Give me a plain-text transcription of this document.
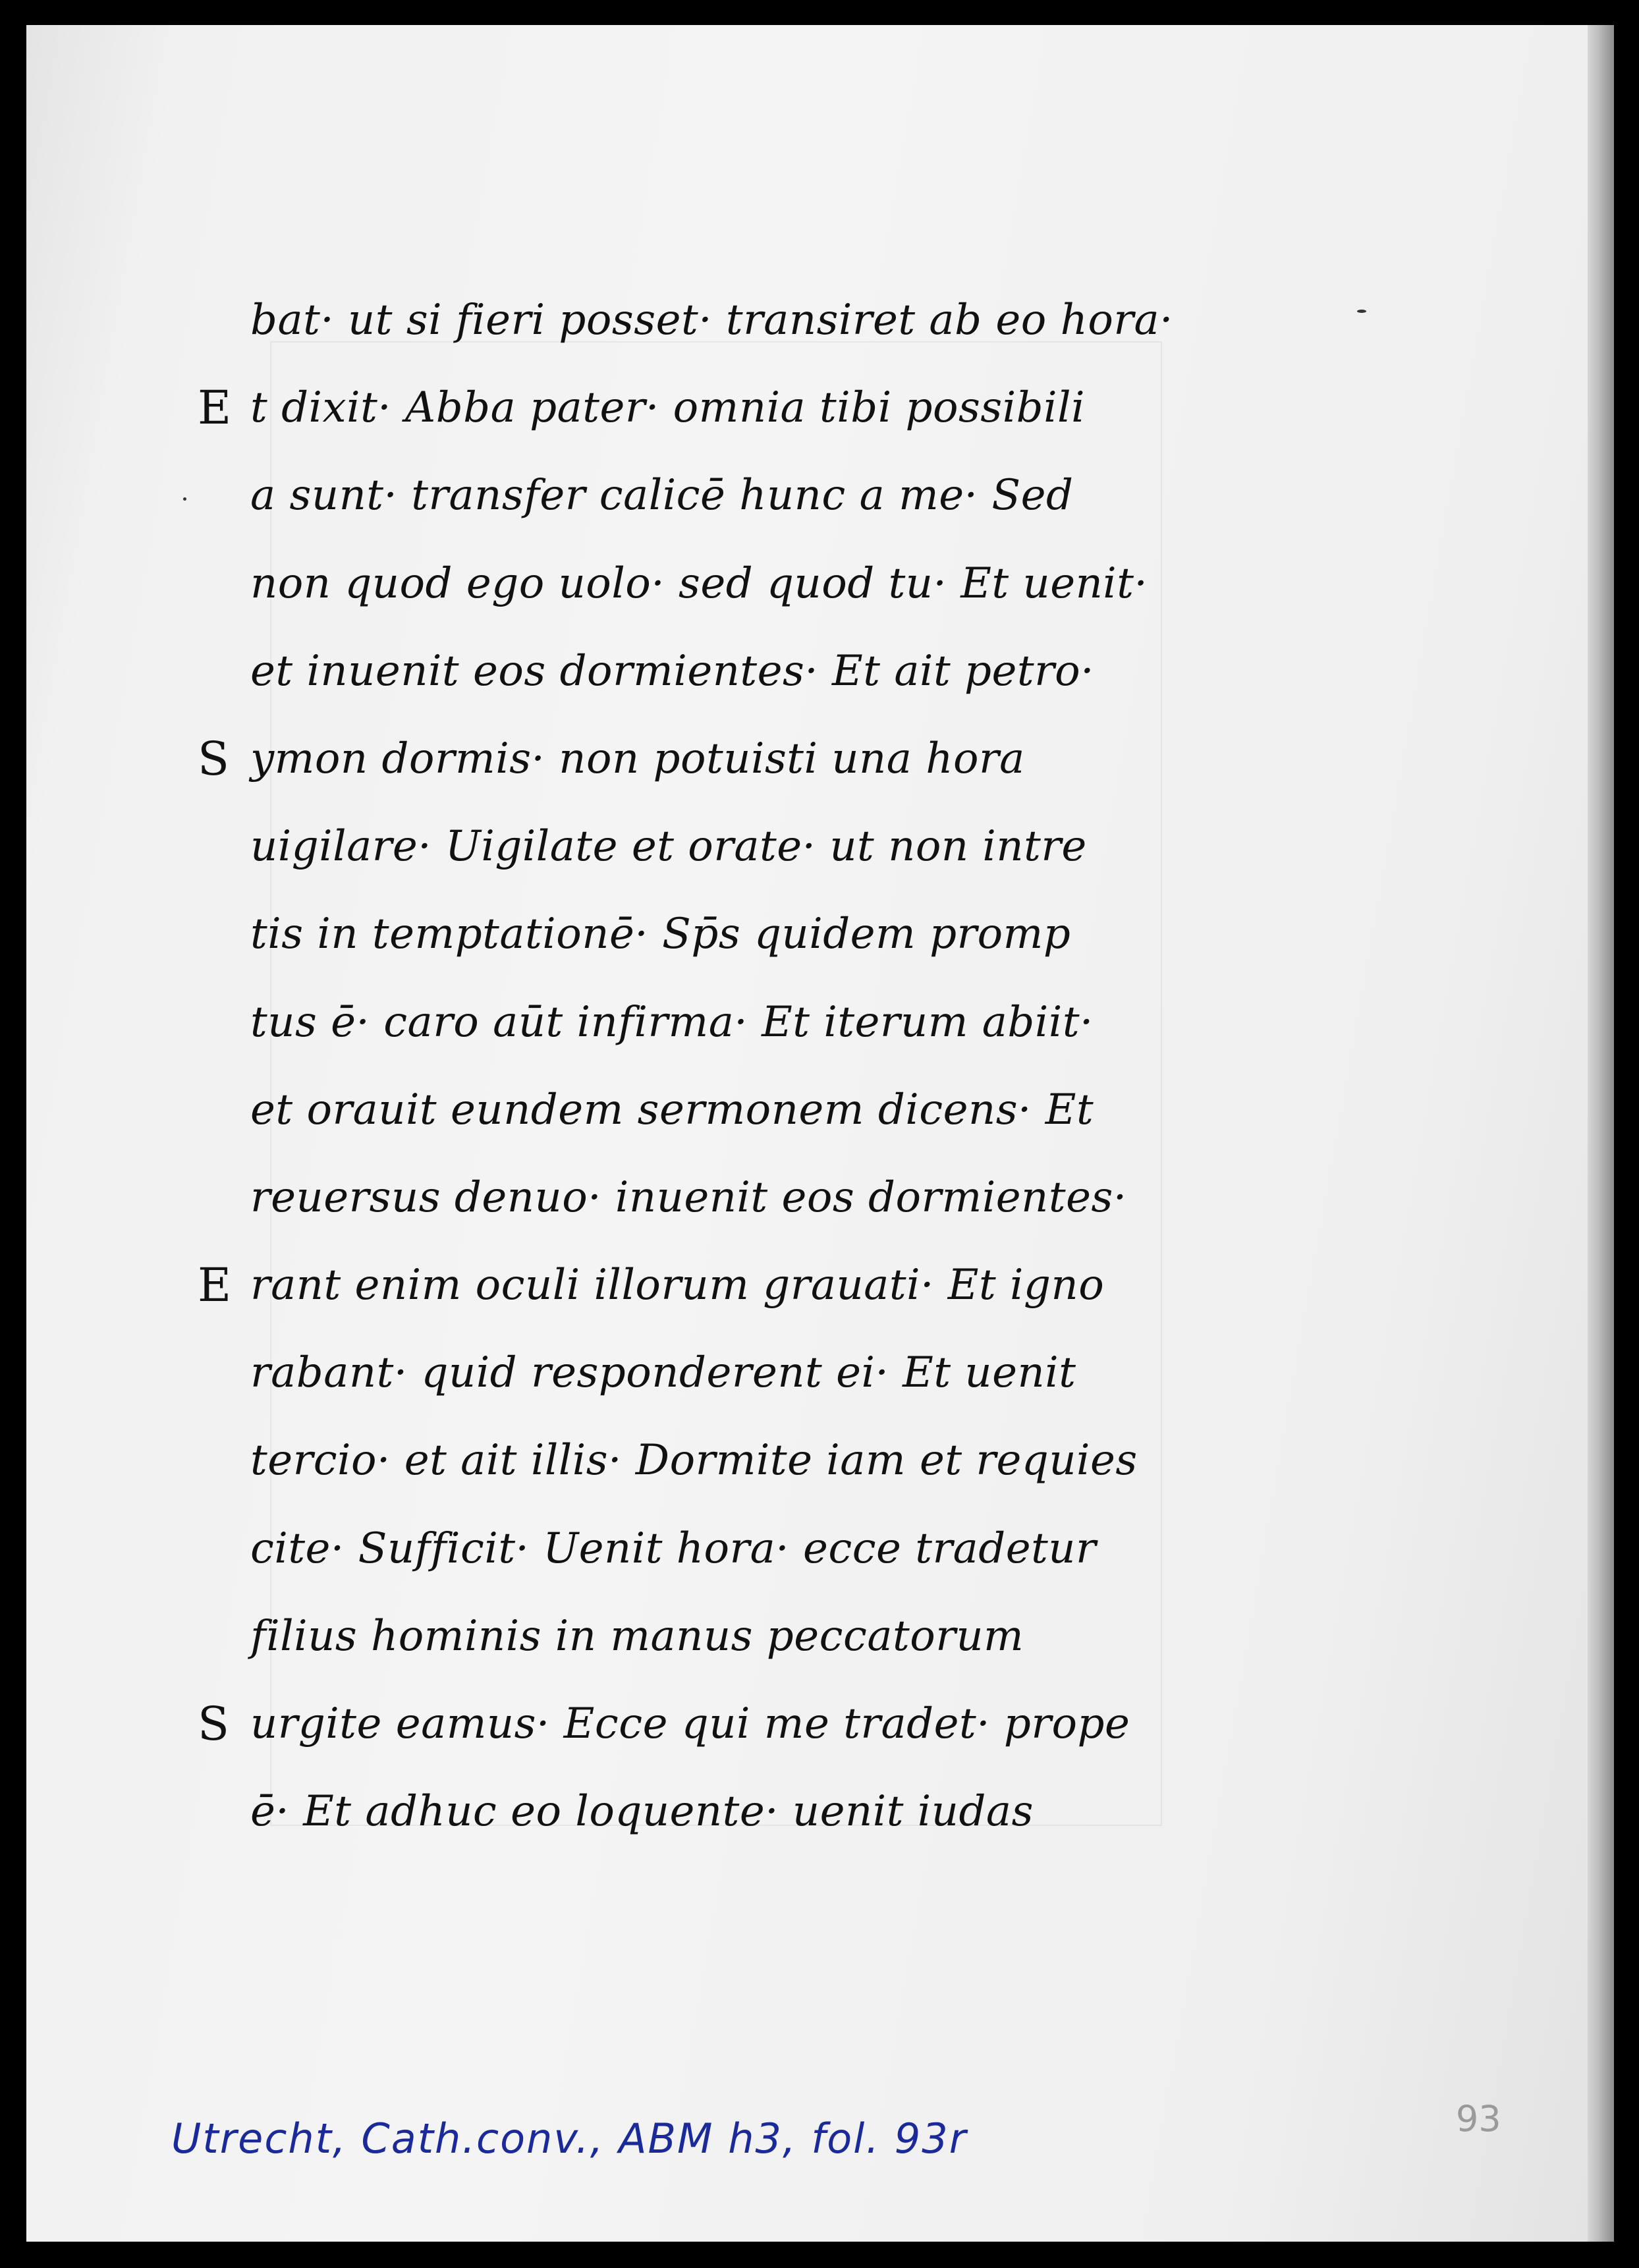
bat· ut si fieri posset· transiret ab eo hora·
E t dixit· Abba pater· omnia tibi possibili
a sunt· transfer calicē hunc a me· Sed
non quod ego uolo· sed quod tu· Et uenit·
et inuenit eos dormientes· Et ait petro·
S ymon dormis· non potuisti una hora
uigilare· Uigilate et orate· ut non intre
tis in temptationē· Sp̄s quidem promp
tus ē· caro aūt infirma· Et iterum abiit·
et orauit eundem sermonem dicens· Et
reuersus denuo· inuenit eos dormientes·
E rant enim oculi illorum grauati· Et igno
rabant· quid responderent ei· Et uenit
tercio· et ait illis· Dormite iam et requies
cite· Sufficit· Uenit hora· ecce tradetur
filius hominis in manus peccatorum
S urgite eamus· Ecce qui me tradet· prope
ē· Et adhuc eo loquente· uenit iudas
Utrecht, Cath.conv., ABM h3, fol. 93r	93
